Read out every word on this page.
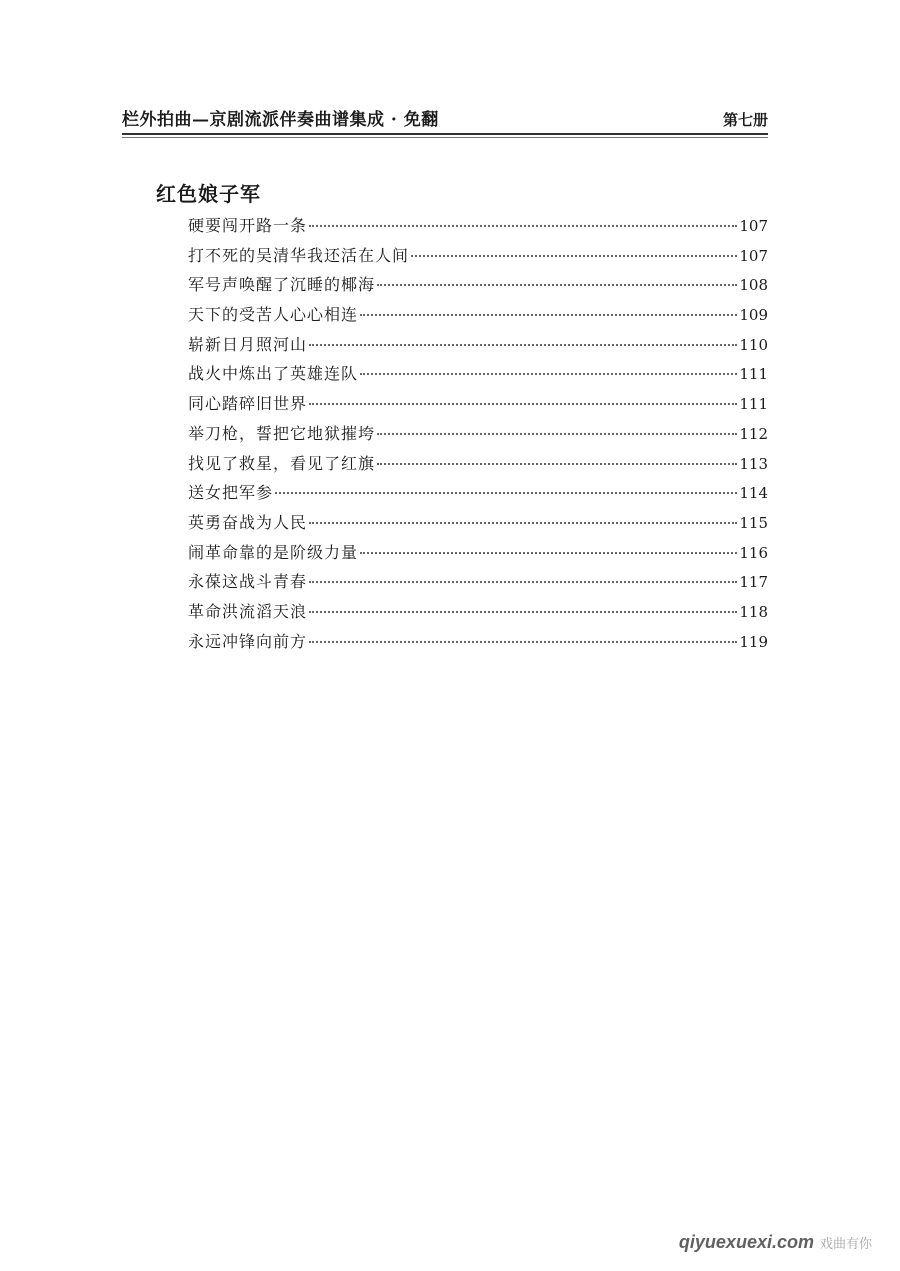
栏外拍曲—京剧流派伴奏曲谱集成 · 免翻	第七册
红色娘子军
硬要闯开路一条	107
打不死的吴清华我还活在人间	107
军号声唤醒了沉睡的椰海	108
天下的受苦人心心相连	109
崭新日月照河山	110
战火中炼出了英雄连队	111
同心踏碎旧世界	111
举刀枪，誓把它地狱摧垮	112
找见了救星，看见了红旗	113
送女把军参	114
英勇奋战为人民	115
闹革命靠的是阶级力量	116
永葆这战斗青春	117
革命洪流滔天浪	118
永远冲锋向前方	119
qiyuexuexi.com 戏曲有你
